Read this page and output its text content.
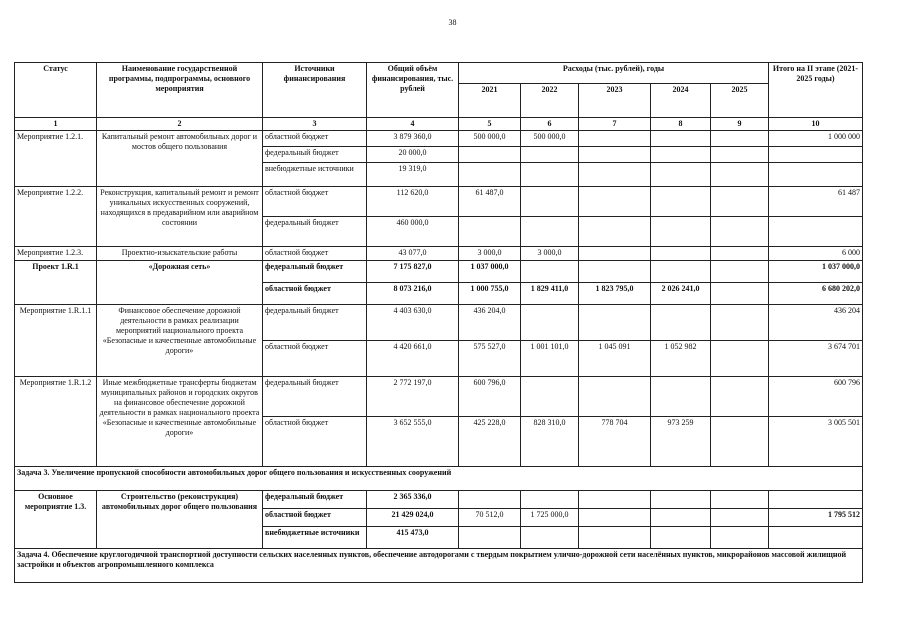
38
Статус	Наименование государственной программы, подпрограммы, основного мероприятия	Источники финансирования	Общий объём финансирования, тыс. рублей	Расходы (тыс. рублей), годы					Итого на II этапе (2021-2025 годы)
				2021	2022	2023	2024	2025	
1	2	3	4	5	6	7	8	9	10
Мероприятие 1.2.1.	Капитальный ремонт автомобильных дорог и мостов общего пользования	областной бюджет	3 879 360,0	500 000,0	500 000,0				1 000 000
		федеральный бюджет	20 000,0						
		внебюджетные источники	19 319,0						
Мероприятие 1.2.2.	Реконструкция, капитальный ремонт и ремонт уникальных искусственных сооружений, находящихся в предаварийном или аварийном состоянии	областной бюджет	112 620,0	61 487,0					61 487
		федеральный бюджет	460 000,0						
Мероприятие 1.2.3.	Проектно-изыскательские работы	областной бюджет	43 077,0	3 000,0	3 000,0				6 000
Проект 1.R.1	«Дорожная сеть»	федеральный бюджет	7 175 827,0	1 037 000,0					1 037 000,0
		областной бюджет	8 073 216,0	1 000 755,0	1 829 411,0	1 823 795,0	2 026 241,0		6 680 202,0
Мероприятие 1.R.1.1	Финансовое обеспечение дорожной деятельности в рамках реализации мероприятий национального проекта «Безопасные и качественные автомобильные дороги»	федеральный бюджет	4 403 630,0	436 204,0					436 204
		областной бюджет	4 420 661,0	575 527,0	1 001 101,0	1 045 091	1 052 982		3 674 701
Мероприятие 1.R.1.2	Иные межбюджетные трансферты бюджетам муниципальных районов и городских округов на финансовое обеспечение дорожной деятельности в рамках национального проекта «Безопасные и качественные автомобильные дороги»	федеральный бюджет	2 772 197,0	600 796,0					600 796
		областной бюджет	3 652 555,0	425 228,0	828 310,0	778 704	973 259		3 005 501
Задача 3. Увеличение пропускной способности автомобильных дорог общего пользования и искусственных сооружений									
Основное мероприятие 1.3.	Строительство (реконструкция) автомобильных дорог общего пользования	федеральный бюджет	2 365 336,0						
		областной бюджет	21 429 024,0	70 512,0	1 725 000,0				1 795 512
		внебюджетные источники	415 473,0						
Задача 4. Обеспечение круглогодичной транспортной доступности сельских населенных пунктов, обеспечение автодорогами с твердым покрытием улично-дорожной сети населённых пунктов, микрорайонов массовой жилищной застройки и объектов агропромышленного комплекса									
